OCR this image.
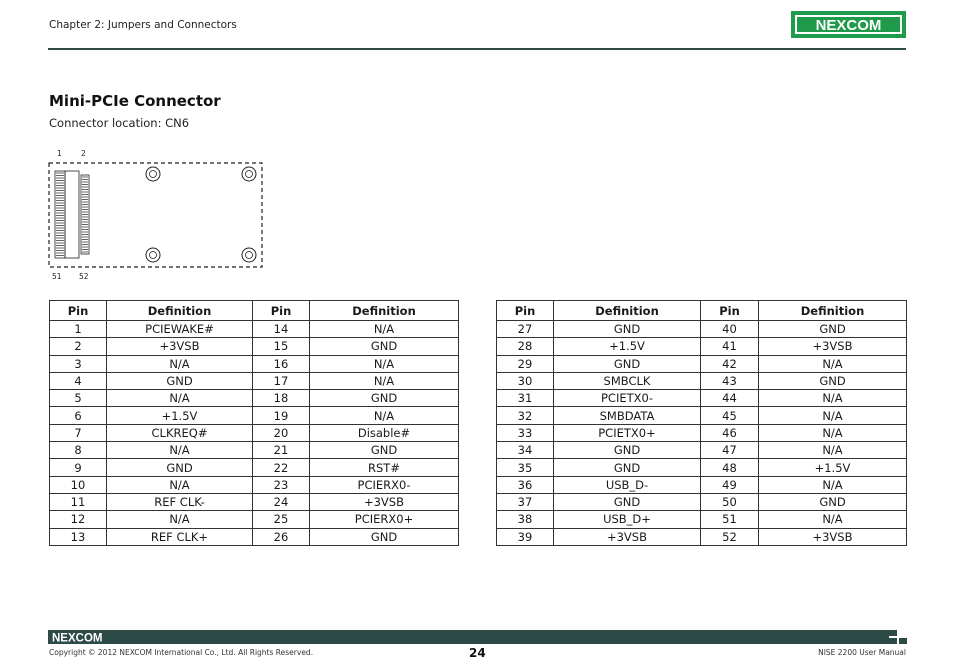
Chapter 2: Jumpers and Connectors	NEXCOM
Mini-PCIe Connector
Connector location: CN6
1	2
51 52
Pin	Definition	Pin	Definition
1	PCIEWAKE#	14	N/A
2	+3VSB	15	GND
3	N/A	16	N/A
4	GND	17	N/A
5	N/A	18	GND
6	+1.5V	19	N/A
7	CLKREQ#	20	Disable#
8	N/A	21	GND
9	GND	22	RST#
10	N/A	23	PCIERX0-
11	REF CLK-	24	+3VSB
12	N/A	25	PCIERX0+
13	REF CLK+	26	GND
Pin	Definition	Pin	Definition
27	GND	40	GND
28	+1.5V	41	+3VSB
29	GND	42	N/A
30	SMBCLK	43	GND
31	PCIETX0-	44	N/A
32	SMBDATA	45	N/A
33	PCIETX0+	46	N/A
34	GND	47	N/A
35	GND	48	+1.5V
36	USB_D-	49	N/A
37	GND	50	GND
38	USB_D+	51	N/A
39	+3VSB	52	+3VSB
NEXCOM
Copyright © 2012 NEXCOM International Co., Ltd. All Rights Reserved.	24	NISE 2200 User Manual
